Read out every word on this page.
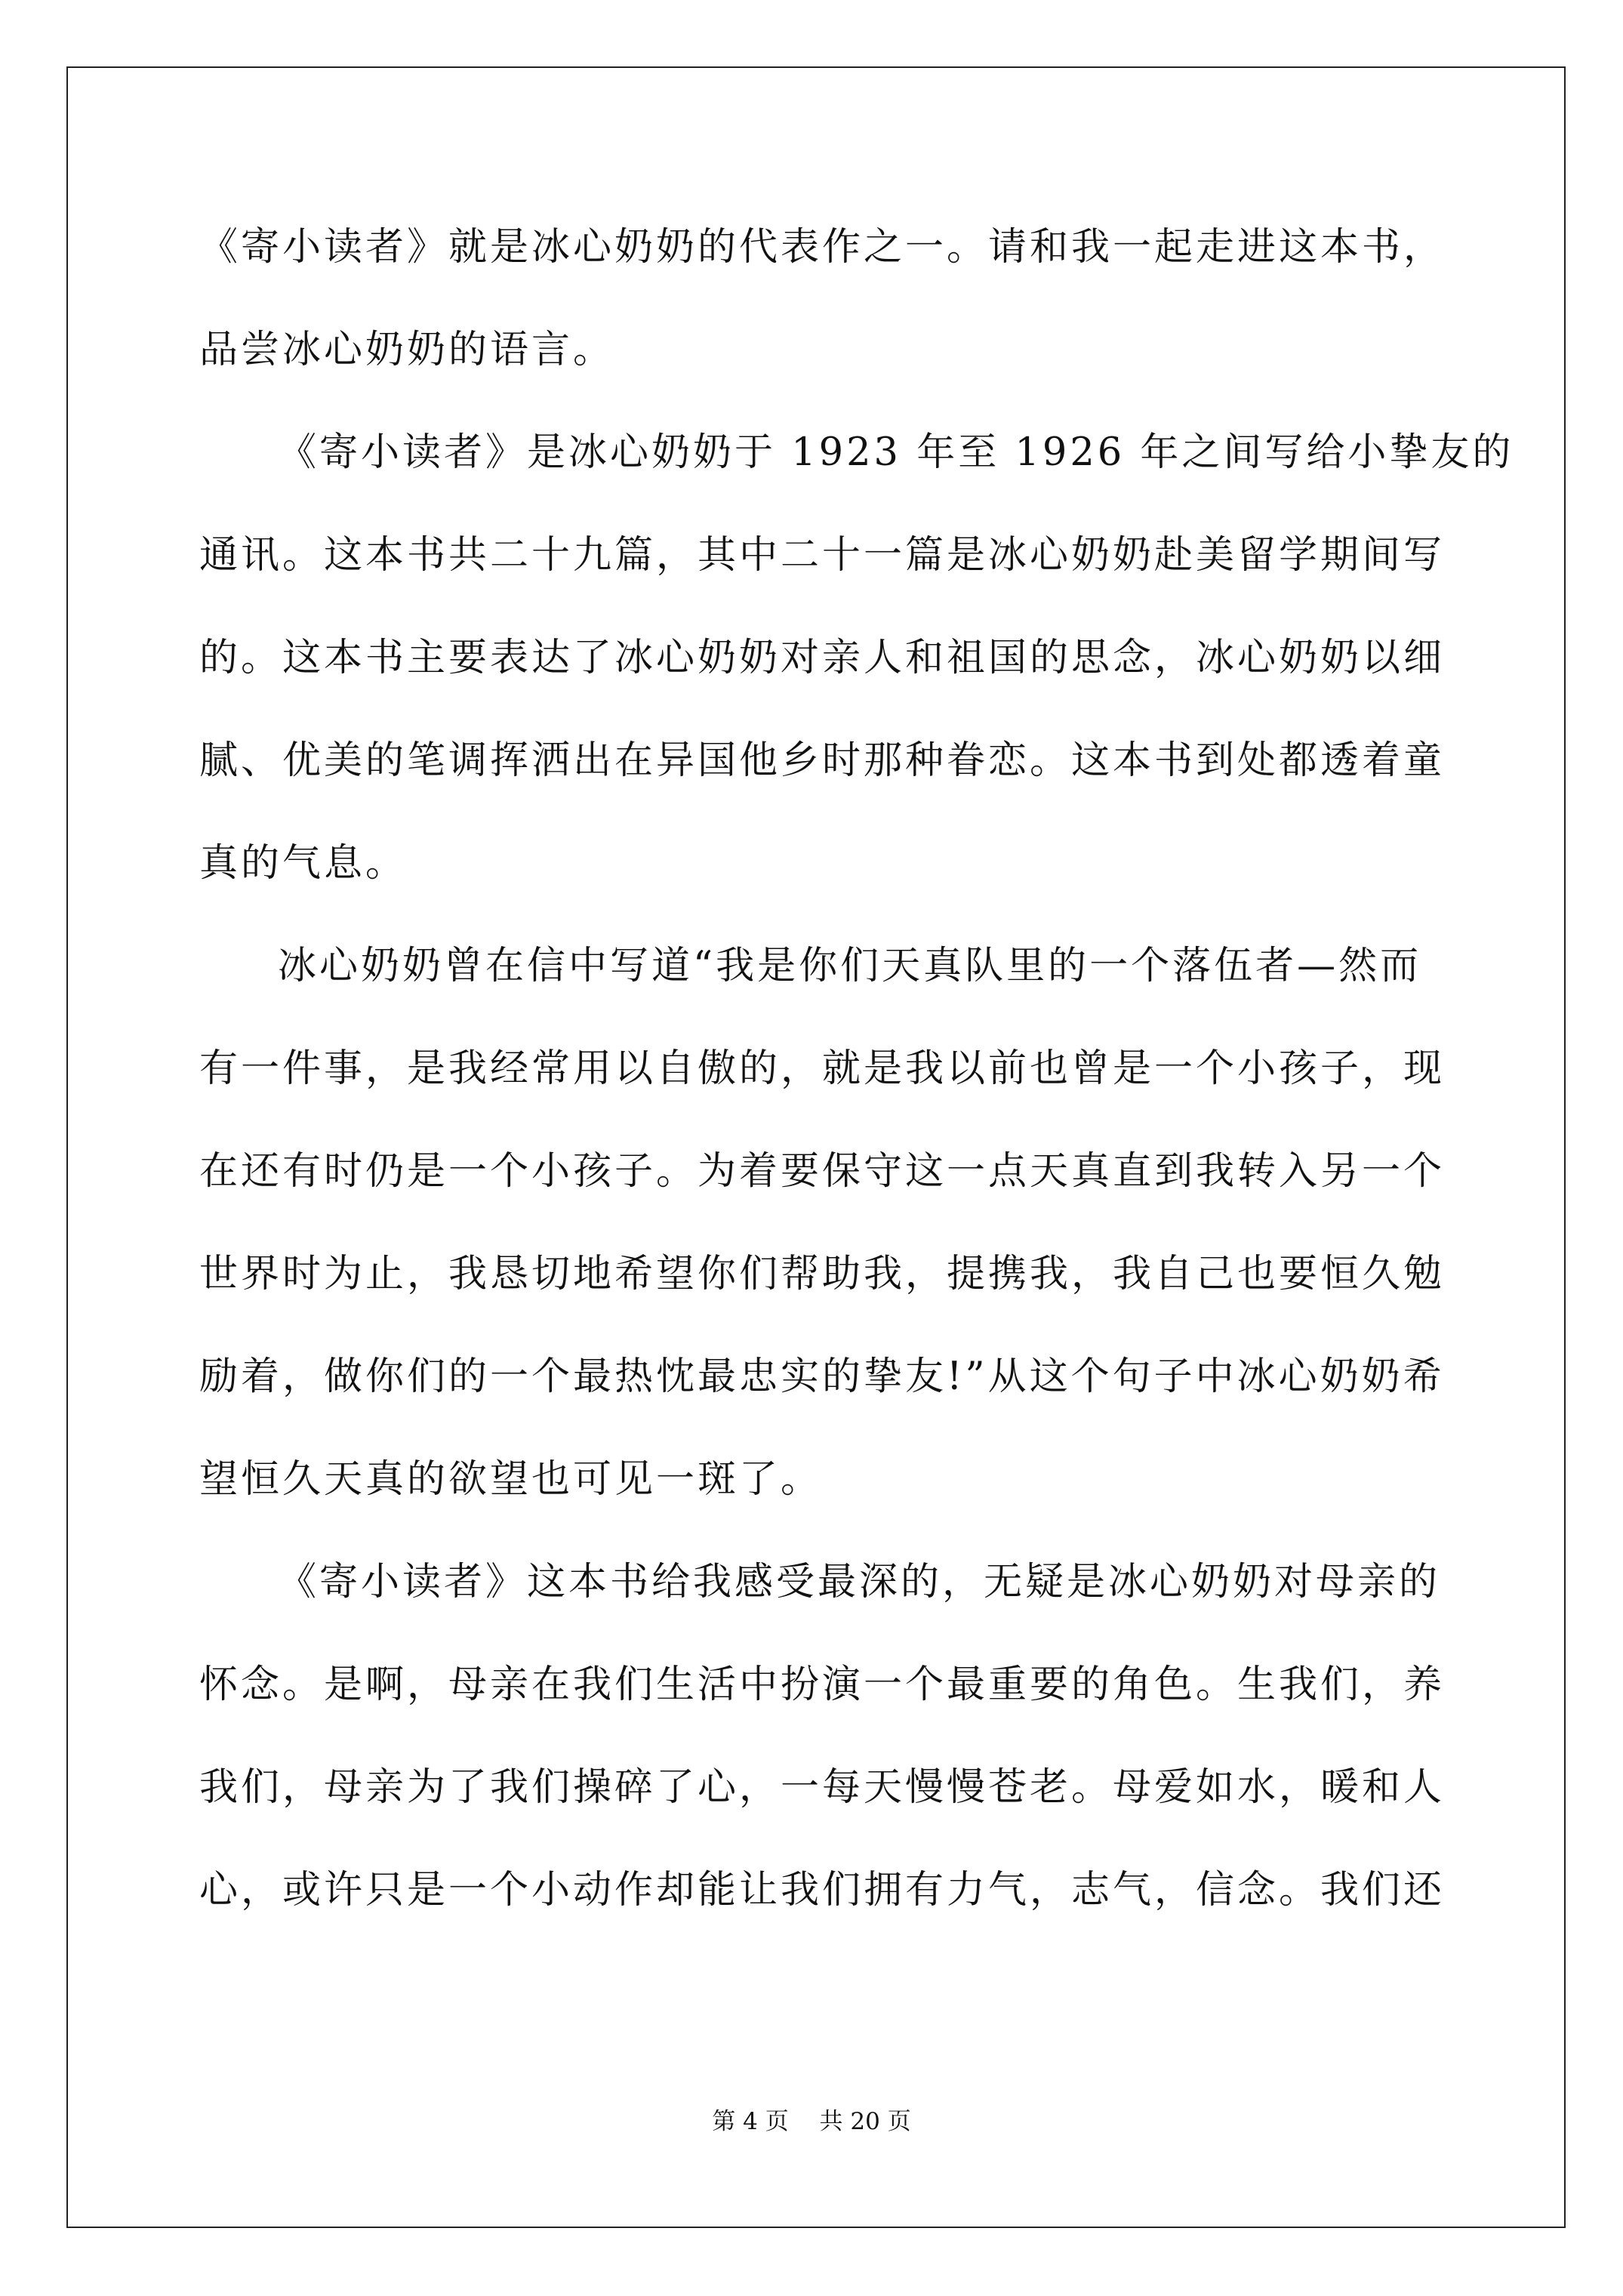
《寄小读者》就是冰心奶奶的代表作之一。请和我一起走进这本书，
品尝冰心奶奶的语言。
《寄小读者》是冰心奶奶于 1923 年至 1926 年之间写给小挚友的
通讯。这本书共二十九篇，其中二十一篇是冰心奶奶赴美留学期间写
的。这本书主要表达了冰心奶奶对亲人和祖国的思念，冰心奶奶以细
腻、优美的笔调挥洒出在异国他乡时那种眷恋。这本书到处都透着童
真的气息。
冰心奶奶曾在信中写道“我是你们天真队里的一个落伍者—然而
有一件事，是我经常用以自傲的，就是我以前也曾是一个小孩子，现
在还有时仍是一个小孩子。为着要保守这一点天真直到我转入另一个
世界时为止，我恳切地希望你们帮助我，提携我，我自己也要恒久勉
励着，做你们的一个最热忱最忠实的挚友!”从这个句子中冰心奶奶希
望恒久天真的欲望也可见一斑了。
《寄小读者》这本书给我感受最深的，无疑是冰心奶奶对母亲的
怀念。是啊，母亲在我们生活中扮演一个最重要的角色。生我们，养
我们，母亲为了我们操碎了心，一每天慢慢苍老。母爱如水，暖和人
心，或许只是一个小动作却能让我们拥有力气，志气，信念。我们还
第 4 页　 共 20 页
